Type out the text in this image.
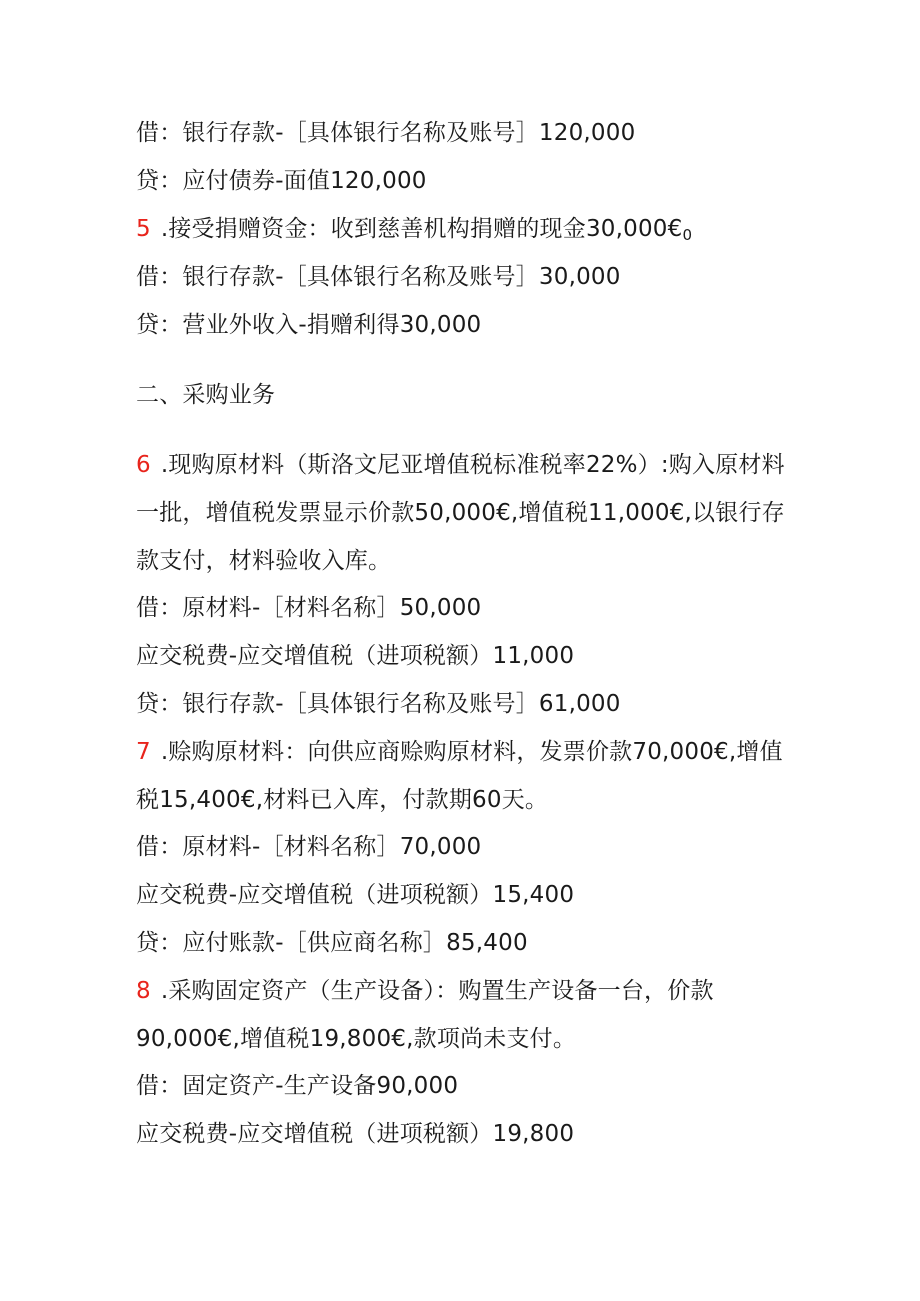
借：银行存款-［具体银行名称及账号］120,000
贷：应付债券-面值120,000
5 .接受捐赠资金：收到慈善机构捐赠的现金$30,000€_0$
借：银行存款-［具体银行名称及账号］30,000
贷：营业外收入-捐赠利得30,000
二、采购业务
6 .现购原材料（斯洛文尼亚增值税标准税率22%）:购入原材料
一批，增值税发票显示价款50,000€,增值税11,000€,以银行存
款支付，材料验收入库。
借：原材料-［材料名称］50,000
应交税费-应交增值税（进项税额）11,000
贷：银行存款-［具体银行名称及账号］61,000
7 .赊购原材料：向供应商赊购原材料，发票价款70,000€,增值
税15,400€,材料已入库，付款期60天。
借：原材料-［材料名称］70,000
应交税费-应交增值税（进项税额）15,400
贷：应付账款-［供应商名称］85,400
8 .采购固定资产（生产设备）：购置生产设备一台，价款
90,000€,增值税19,800€,款项尚未支付。
借：固定资产-生产设备90,000
应交税费-应交增值税（进项税额）19,800
